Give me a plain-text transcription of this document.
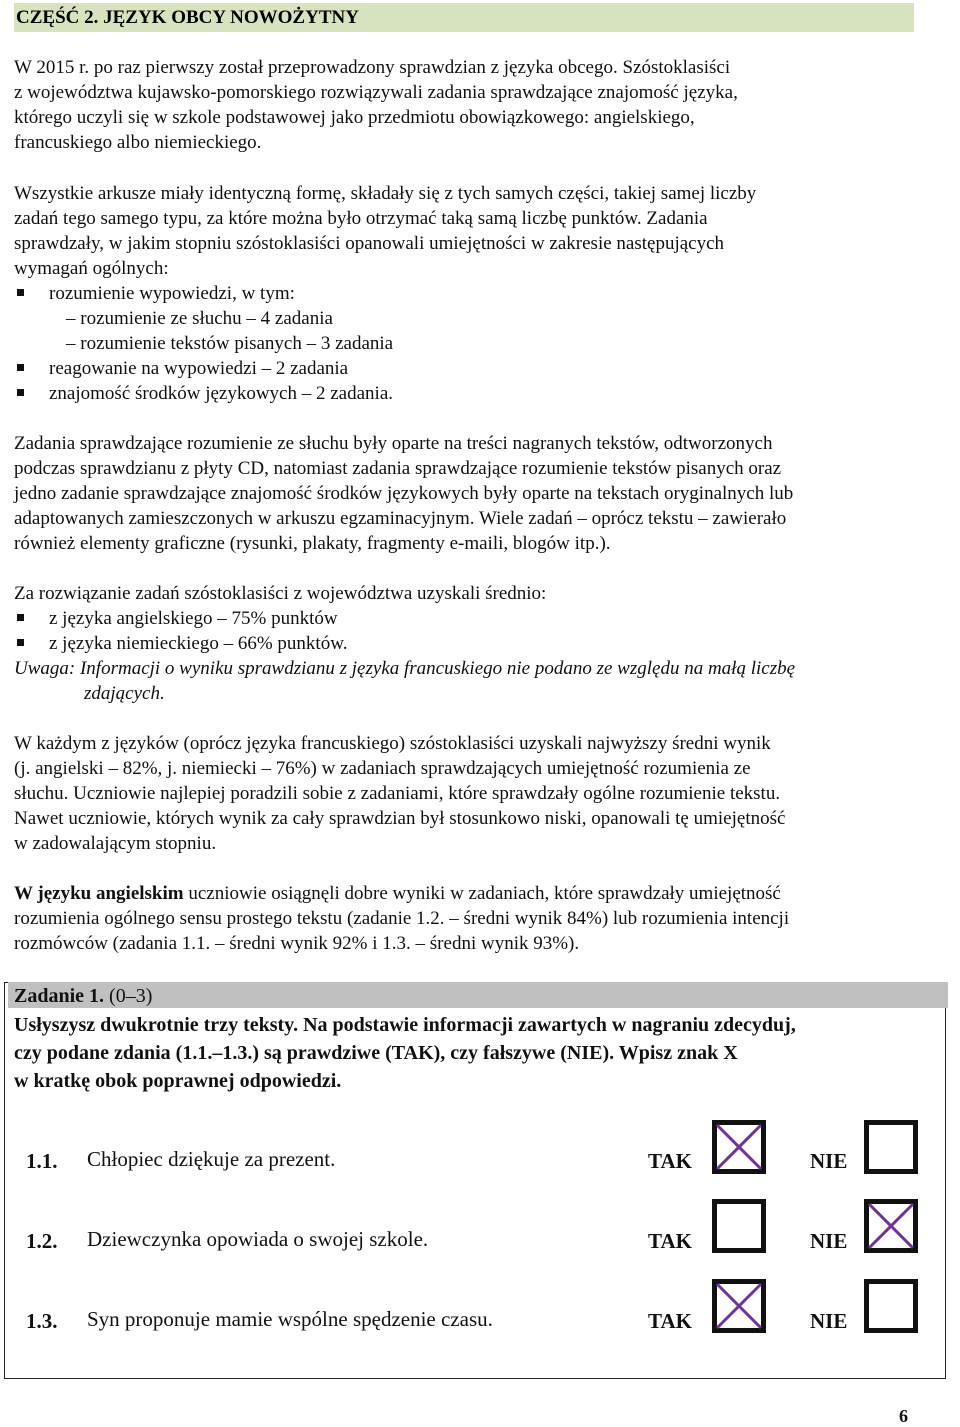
CZĘŚĆ 2. JĘZYK OBCY NOWOŻYTNY
W 2015 r. po raz pierwszy został przeprowadzony sprawdzian z języka obcego. Szóstoklasiści
z województwa kujawsko-pomorskiego rozwiązywali zadania sprawdzające znajomość języka,
którego uczyli się w szkole podstawowej jako przedmiotu obowiązkowego: angielskiego,
francuskiego albo niemieckiego.
Wszystkie arkusze miały identyczną formę, składały się z tych samych części, takiej samej liczby
zadań tego samego typu, za które można było otrzymać taką samą liczbę punktów. Zadania
sprawdzały, w jakim stopniu szóstoklasiści opanowali umiejętności w zakresie następujących
wymagań ogólnych:
rozumienie wypowiedzi, w tym:
– rozumienie ze słuchu – 4 zadania
– rozumienie tekstów pisanych – 3 zadania
reagowanie na wypowiedzi – 2 zadania
znajomość środków językowych – 2 zadania.
Zadania sprawdzające rozumienie ze słuchu były oparte na treści nagranych tekstów, odtworzonych
podczas sprawdzianu z płyty CD, natomiast zadania sprawdzające rozumienie tekstów pisanych oraz
jedno zadanie sprawdzające znajomość środków językowych były oparte na tekstach oryginalnych lub
adaptowanych zamieszczonych w arkuszu egzaminacyjnym. Wiele zadań – oprócz tekstu – zawierało
również elementy graficzne (rysunki, plakaty, fragmenty e-maili, blogów itp.).
Za rozwiązanie zadań szóstoklasiści z województwa uzyskali średnio:
z języka angielskiego – 75% punktów
z języka niemieckiego – 66% punktów.
Uwaga: Informacji o wyniku sprawdzianu z języka francuskiego nie podano ze względu na małą liczbę
zdających.
W każdym z języków (oprócz języka francuskiego) szóstoklasiści uzyskali najwyższy średni wynik
(j. angielski – 82%, j. niemiecki – 76%) w zadaniach sprawdzających umiejętność rozumienia ze
słuchu. Uczniowie najlepiej poradzili sobie z zadaniami, które sprawdzały ogólne rozumienie tekstu.
Nawet uczniowie, których wynik za cały sprawdzian był stosunkowo niski, opanowali tę umiejętność
w zadowalającym stopniu.
W języku angielskim uczniowie osiągnęli dobre wyniki w zadaniach, które sprawdzały umiejętność
rozumienia ogólnego sensu prostego tekstu (zadanie 1.2. – średni wynik 84%) lub rozumienia intencji
rozmówców (zadania 1.1. – średni wynik 92% i 1.3. – średni wynik 93%).
Zadanie 1. (0–3)
Usłyszysz dwukrotnie trzy teksty. Na podstawie informacji zawartych w nagraniu zdecyduj,
czy podane zdania (1.1.–1.3.) są prawdziwe (TAK), czy fałszywe (NIE). Wpisz znak X
w kratkę obok poprawnej odpowiedzi.
1.1. Chłopiec dziękuje za prezent.	TAK	NIE
1.2. Dziewczynka opowiada o swojej szkole.	TAK	NIE
1.3. Syn proponuje mamie wspólne spędzenie czasu.	TAK	NIE
6
